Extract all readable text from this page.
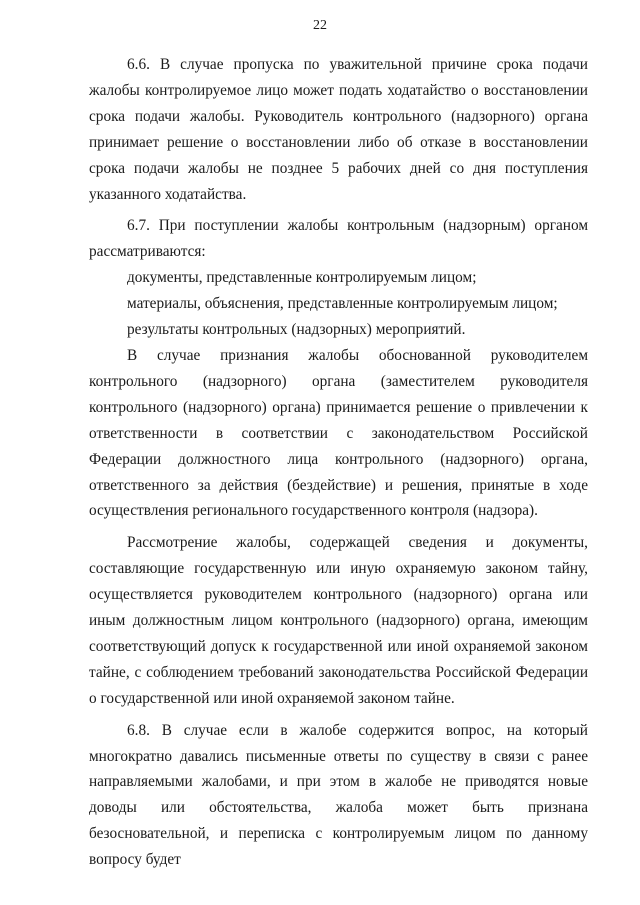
22

6.6. В случае пропуска по уважительной причине срока подачи жалобы контролируемое лицо может подать ходатайство о восстановлении срока подачи жалобы. Руководитель контрольного (надзорного) органа принимает решение о восстановлении либо об отказе в восстановлении срока подачи жалобы не позднее 5 рабочих дней со дня поступления указанного ходатайства.

6.7. При поступлении жалобы контрольным (надзорным) органом рассматриваются:

документы, представленные контролируемым лицом;

материалы, объяснения, представленные контролируемым лицом;

результаты контрольных (надзорных) мероприятий.

В случае признания жалобы обоснованной руководителем контрольного (надзорного) органа (заместителем руководителя контрольного (надзорного) органа) принимается решение о привлечении к ответственности в соответствии с законодательством Российской Федерации должностного лица контрольного (надзорного) органа, ответственного за действия (бездействие) и решения, принятые в ходе осуществления регионального государственного контроля (надзора).

Рассмотрение жалобы, содержащей сведения и документы, составляющие государственную или иную охраняемую законом тайну, осуществляется руководителем контрольного (надзорного) органа или иным должностным лицом контрольного (надзорного) органа, имеющим соответствующий допуск к государственной или иной охраняемой законом тайне, с соблюдением требований законодательства Российской Федерации о государственной или иной охраняемой законом тайне.

6.8. В случае если в жалобе содержится вопрос, на который многократно давались письменные ответы по существу в связи с ранее направляемыми жалобами, и при этом в жалобе не приводятся новые доводы или обстоятельства, жалоба может быть признана безосновательной, и переписка с контролируемым лицом по данному вопросу будет
